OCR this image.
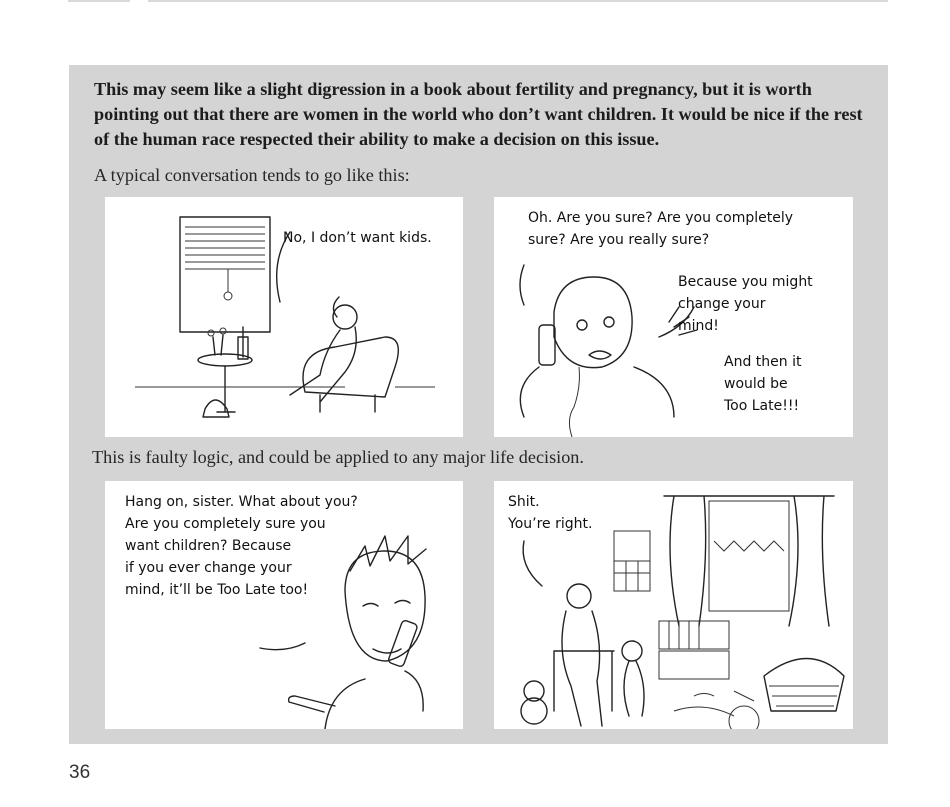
This may seem like a slight digression in a book about fertility and pregnancy, but it is worth pointing out that there are women in the world who don’t want children. It would be nice if the rest of the human race respected their ability to make a decision on this issue.
A typical conversation tends to go like this:
No, I don’t want kids.
Oh. Are you sure? Are you completely
sure? Are you really sure?
Because you might
change your
mind!
And then it
would be
Too Late!!!
This is faulty logic, and could be applied to any major life decision.
Hang on, sister. What about you?
Are you completely sure you
want children? Because
if you ever change your
mind, it’ll be Too Late too!
Shit.
You’re right.
36
